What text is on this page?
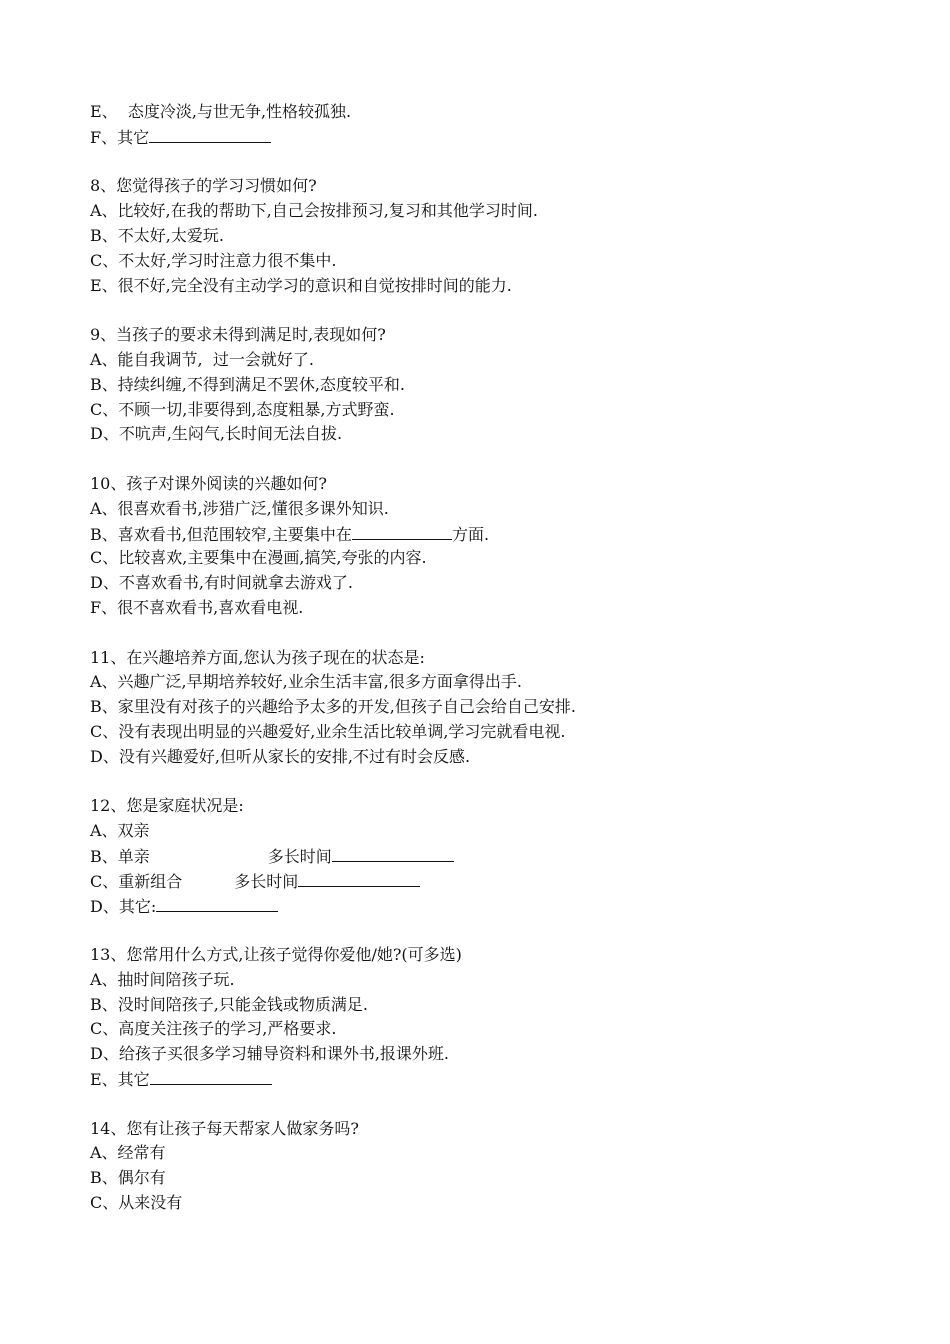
E、  态度冷淡,与世无争,性格较孤独.
F、其它
8、您觉得孩子的学习习惯如何?
A、比较好,在我的帮助下,自己会按排预习,复习和其他学习时间.
B、不太好,太爱玩.
C、不太好,学习时注意力很不集中.
E、很不好,完全没有主动学习的意识和自觉按排时间的能力.
9、当孩子的要求未得到满足时,表现如何?
A、能自我调节,  过一会就好了.
B、持续纠缠,不得到满足不罢休,态度较平和.
C、不顾一切,非要得到,态度粗暴,方式野蛮.
D、不吭声,生闷气,长时间无法自拔.
10、孩子对课外阅读的兴趣如何?
A、很喜欢看书,涉猎广泛,懂很多课外知识.
B、喜欢看书,但范围较窄,主要集中在	方面.
C、比较喜欢,主要集中在漫画,搞笑,夸张的内容.
D、不喜欢看书,有时间就拿去游戏了.
F、很不喜欢看书,喜欢看电视.
11、在兴趣培养方面,您认为孩子现在的状态是:
A、兴趣广泛,早期培养较好,业余生活丰富,很多方面拿得出手.
B、家里没有对孩子的兴趣给予太多的开发,但孩子自己会给自己安排.
C、没有表现出明显的兴趣爱好,业余生活比较单调,学习完就看电视.
D、没有兴趣爱好,但听从家长的安排,不过有时会反感.
12、您是家庭状况是:
A、双亲
B、单亲	多长时间
C、重新组合	多长时间
D、其它:
13、您常用什么方式,让孩子觉得你爱他/她?(可多选)
A、抽时间陪孩子玩.
B、没时间陪孩子,只能金钱或物质满足.
C、高度关注孩子的学习,严格要求.
D、给孩子买很多学习辅导资料和课外书,报课外班.
E、其它
14、您有让孩子每天帮家人做家务吗?
A、经常有
B、偶尔有
C、从来没有
